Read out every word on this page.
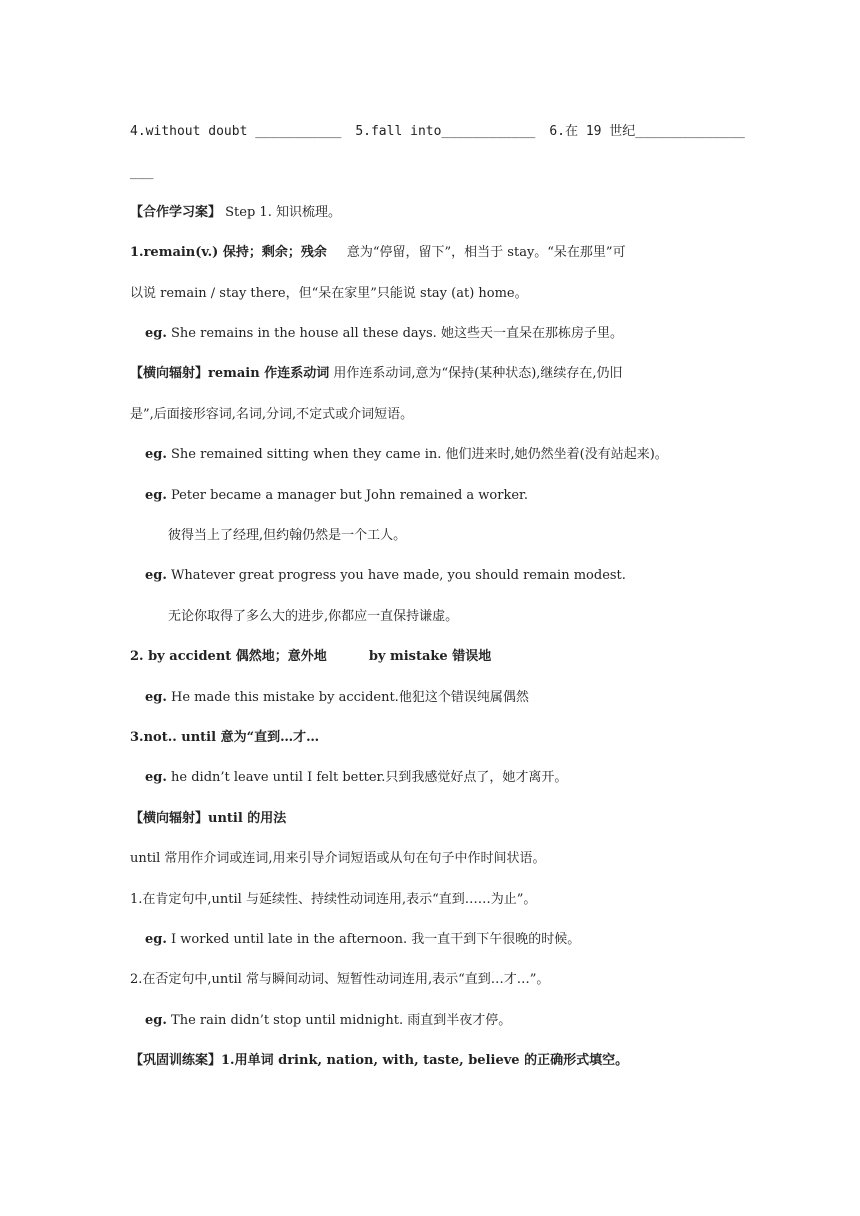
4.without doubt ___________ 5.fall into____________ 6.在 19 世纪______________
___
【合作学习案】 Step 1. 知识梳理。
1.remain(v.) 保持；剩余；残余 意为“停留，留下”，相当于 stay。“呆在那里”可
以说 remain / stay there，但“呆在家里”只能说 stay (at) home。
eg. She remains in the house all these days. 她这些天一直呆在那栋房子里。
【横向辐射】remain 作连系动词 用作连系动词,意为“保持(某种状态),继续存在,仍旧
是”,后面接形容词,名词,分词,不定式或介词短语。
eg. She remained sitting when they came in. 他们进来时,她仍然坐着(没有站起来)。
eg. Peter became a manager but John remained a worker.
彼得当上了经理,但约翰仍然是一个工人。
eg. Whatever great progress you have made, you should remain modest.
无论你取得了多么大的进步,你都应一直保持谦虚。
2. by accident 偶然地；意外地	by mistake 错误地
eg. He made this mistake by accident.他犯这个错误纯属偶然
3.not.. until 意为“直到…才…
eg. he didn’t leave until I felt better.只到我感觉好点了，她才离开。
【横向辐射】until 的用法
until 常用作介词或连词,用来引导介词短语或从句在句子中作时间状语。
1.在肯定句中,until 与延续性、持续性动词连用,表示“直到……为止”。
eg. I worked until late in the afternoon. 我一直干到下午很晚的时候。
2.在否定句中,until 常与瞬间动词、短暂性动词连用,表示“直到…才…”。
eg. The rain didn’t stop until midnight. 雨直到半夜才停。
【巩固训练案】1.用单词 drink, nation, with, taste, believe 的正确形式填空。
